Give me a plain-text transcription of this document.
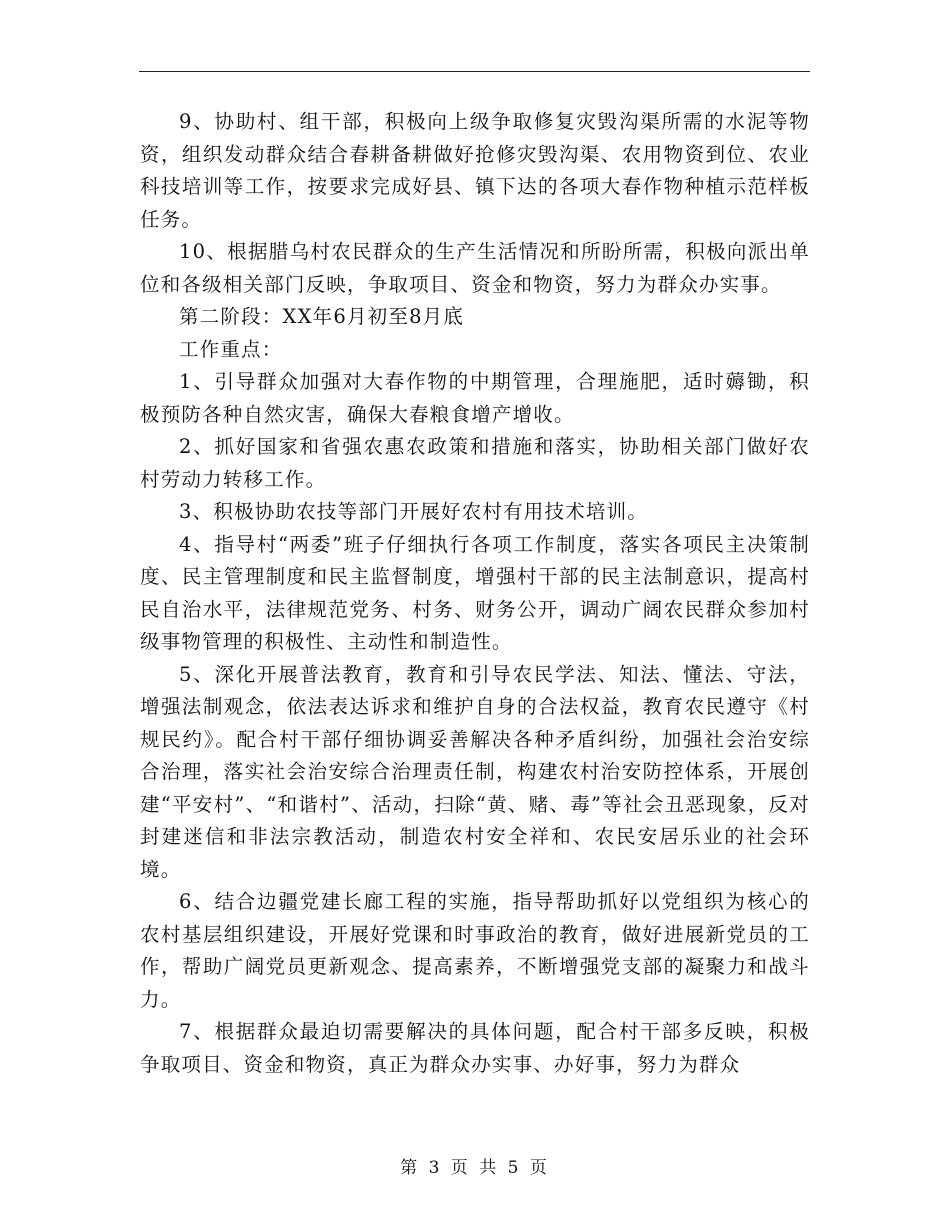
9、协助村、组干部，积极向上级争取修复灾毁沟渠所需的水泥等物资，组织发动群众结合春耕备耕做好抢修灾毁沟渠、农用物资到位、农业科技培训等工作，按要求完成好县、镇下达的各项大春作物种植示范样板任务。

10、根据腊乌村农民群众的生产生活情况和所盼所需，积极向派出单位和各级相关部门反映，争取项目、资金和物资，努力为群众办实事。

第二阶段：XX年6月初至8月底

工作重点：

1、引导群众加强对大春作物的中期管理，合理施肥，适时薅锄，积极预防各种自然灾害，确保大春粮食增产增收。

2、抓好国家和省强农惠农政策和措施和落实，协助相关部门做好农村劳动力转移工作。

3、积极协助农技等部门开展好农村有用技术培训。

4、指导村“两委”班子仔细执行各项工作制度，落实各项民主决策制度、民主管理制度和民主监督制度，增强村干部的民主法制意识，提高村民自治水平，法律规范党务、村务、财务公开，调动广阔农民群众参加村级事物管理的积极性、主动性和制造性。

5、深化开展普法教育，教育和引导农民学法、知法、懂法、守法，增强法制观念，依法表达诉求和维护自身的合法权益，教育农民遵守《村规民约》。配合村干部仔细协调妥善解决各种矛盾纠纷，加强社会治安综合治理，落实社会治安综合治理责任制，构建农村治安防控体系，开展创建“平安村”、“和谐村”、活动，扫除“黄、赌、毒”等社会丑恶现象，反对封建迷信和非法宗教活动，制造农村安全祥和、农民安居乐业的社会环境。

6、结合边疆党建长廊工程的实施，指导帮助抓好以党组织为核心的农村基层组织建设，开展好党课和时事政治的教育，做好进展新党员的工作，帮助广阔党员更新观念、提高素养，不断增强党支部的凝聚力和战斗力。

7、根据群众最迫切需要解决的具体问题，配合村干部多反映，积极争取项目、资金和物资，真正为群众办实事、办好事，努力为群众

第 3 页 共 5 页
